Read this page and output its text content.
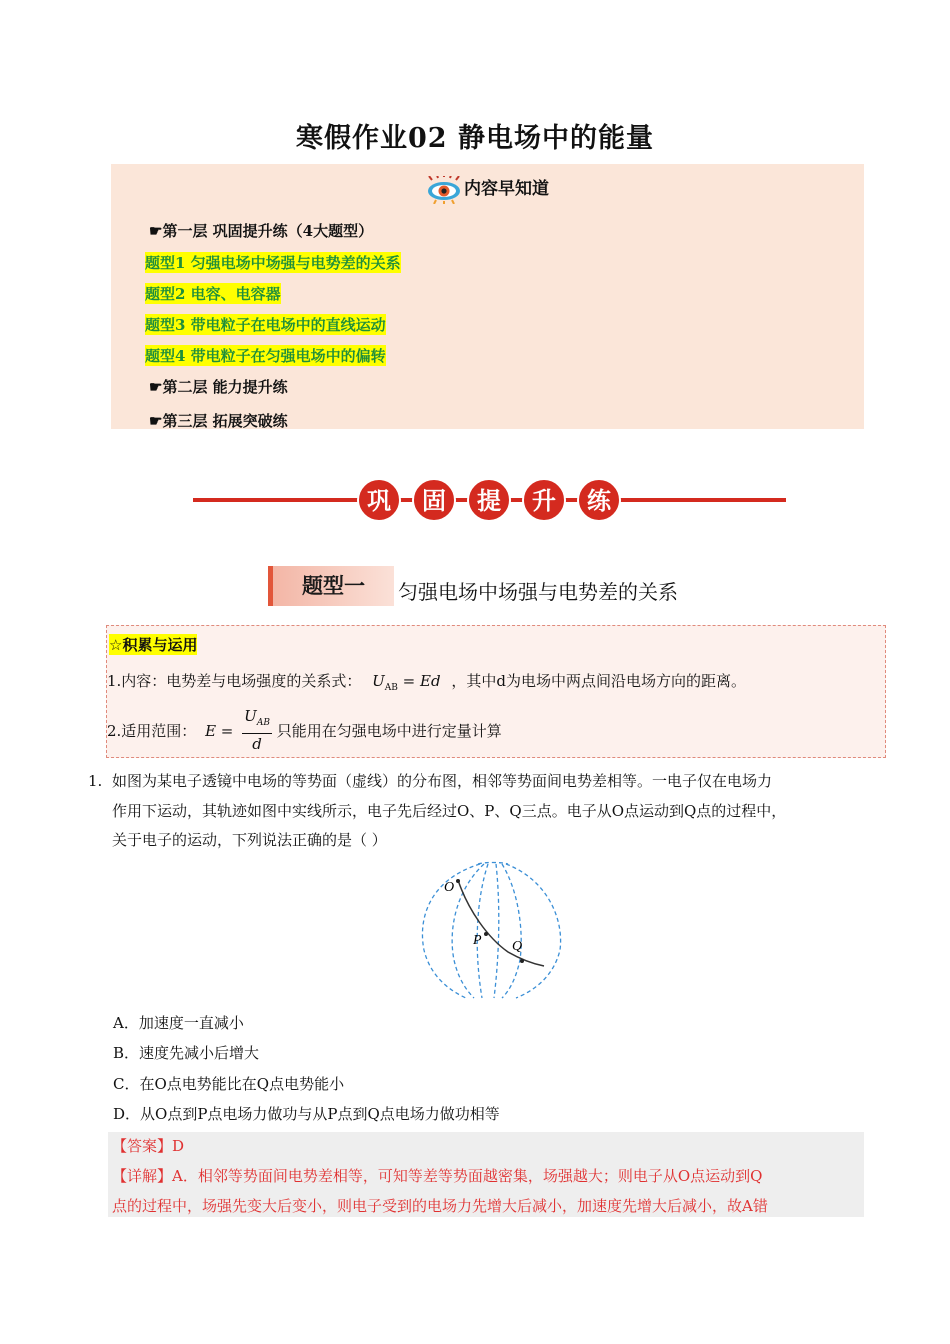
寒假作业02 静电场中的能量
内容早知道
☛第一层 巩固提升练（4大题型）
题型1 匀强电场中场强与电势差的关系
题型2 电容、电容器
题型3 带电粒子在电场中的直线运动
题型4 带电粒子在匀强电场中的偏转
☛第二层 能力提升练
☛第三层 拓展突破练
巩 固 提 升 练
题型一	匀强电场中场强与电势差的关系
☆积累与运用
1.内容：电势差与电场强度的关系式： $U_{AB} = Ed$ ，其中d为电场中两点间沿电场方向的距离。
2.适用范围： E =
$U_{AB}$
d
只能用在匀强电场中进行定量计算
1. 如图为某电子透镜中电场的等势面（虚线）的分布图，相邻等势面间电势差相等。一电子仅在电场力
作用下运动，其轨迹如图中实线所示，电子先后经过O、P、Q三点。电子从O点运动到Q点的过程中，
关于电子的运动，下列说法正确的是（ ）
O
P Q
A．加速度一直减小
B．速度先减小后增大
C．在O点电势能比在Q点电势能小
D．从O点到P点电场力做功与从P点到Q点电场力做功相等
【答案】D
【详解】A．相邻等势面间电势差相等，可知等差等势面越密集，场强越大；则电子从O点运动到Q
点的过程中，场强先变大后变小，则电子受到的电场力先增大后减小，加速度先增大后减小，故A错
